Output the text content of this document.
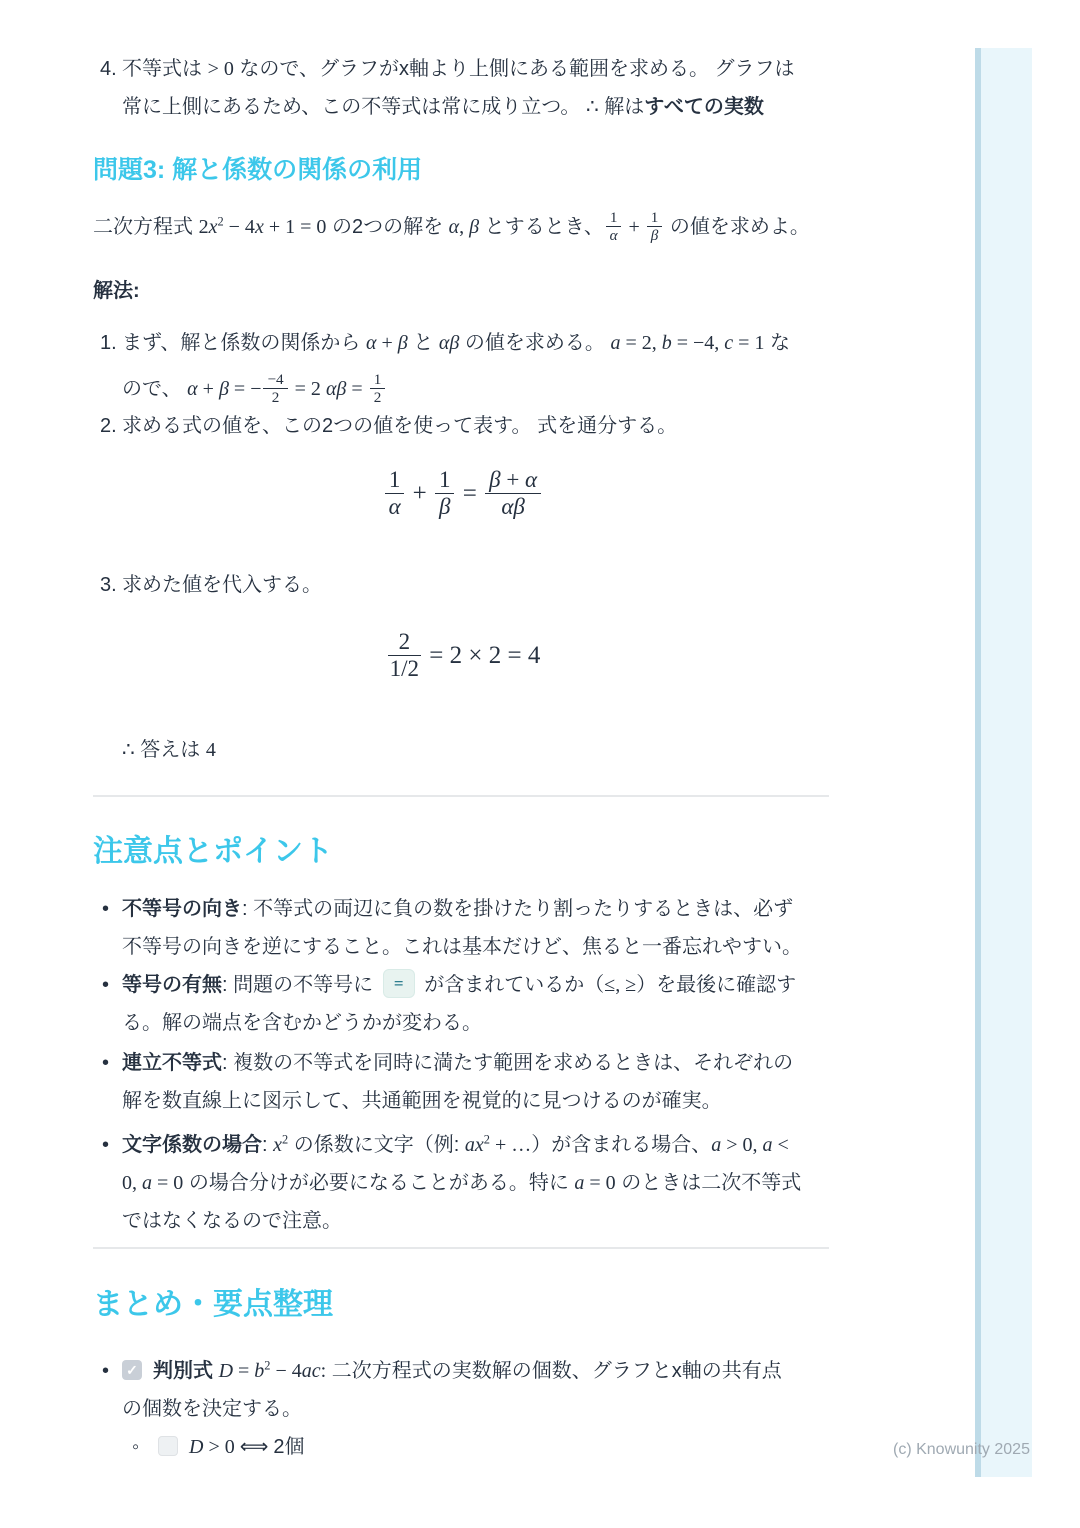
4. 不等式は > 0 なので、グラフがx軸より上側にある範囲を求める。 グラフは
常に上側にあるため、この不等式は常に成り立つ。 ∴ 解はすべての実数
問題3: 解と係数の関係の利用
二次方程式 $2x^2 - 4x + 1 = 0$ の2つの解を α, β とするとき、 $\frac{1}{\alpha} + \frac{1}{\beta}$ の値を求めよ。
解法:
1. まず、解と係数の関係から α + β と αβ の値を求める。 a = 2, b = −4, c = 1 な
ので、 α + β = − $\frac{-4}{2} = 2$ $\alpha\beta = \frac{1}{2}$
2. 求める式の値を、この2つの値を使って表す。 式を通分する。
$\frac{1}{\alpha} + \frac{1}{\beta} = \frac{\beta + \alpha}{\alpha\beta}$
3. 求めた値を代入する。
$\frac{2}{1/2} = 2 \times 2 = 4$
∴ 答えは 4
注意点とポイント
• 不等号の向き: 不等式の両辺に負の数を掛けたり割ったりするときは、必ず
不等号の向きを逆にすること。これは基本だけど、焦ると一番忘れやすい。
• 等号の有無: 問題の不等号に = が含まれているか（≤, ≥）を最後に確認す
る。解の端点を含むかどうかが変わる。
• 連立不等式: 複数の不等式を同時に満たす範囲を求めるときは、それぞれの
解を数直線上に図示して、共通範囲を視覚的に見つけるのが確実。
• 文字係数の場合: $x^2$ の係数に文字（例: $ax^2$ + …）が含まれる場合、a > 0, a <
0, a = 0 の場合分けが必要になることがある。特に a = 0 のときは二次不等式
ではなくなるので注意。
まとめ・要点整理
• ✓ 判別式 $D = b^2 - 4ac$: 二次方程式の実数解の個数、グラフとx軸の共有点
の個数を決定する。
◦ D > 0 ⟺ 2個	(c) Knowunity 2025
